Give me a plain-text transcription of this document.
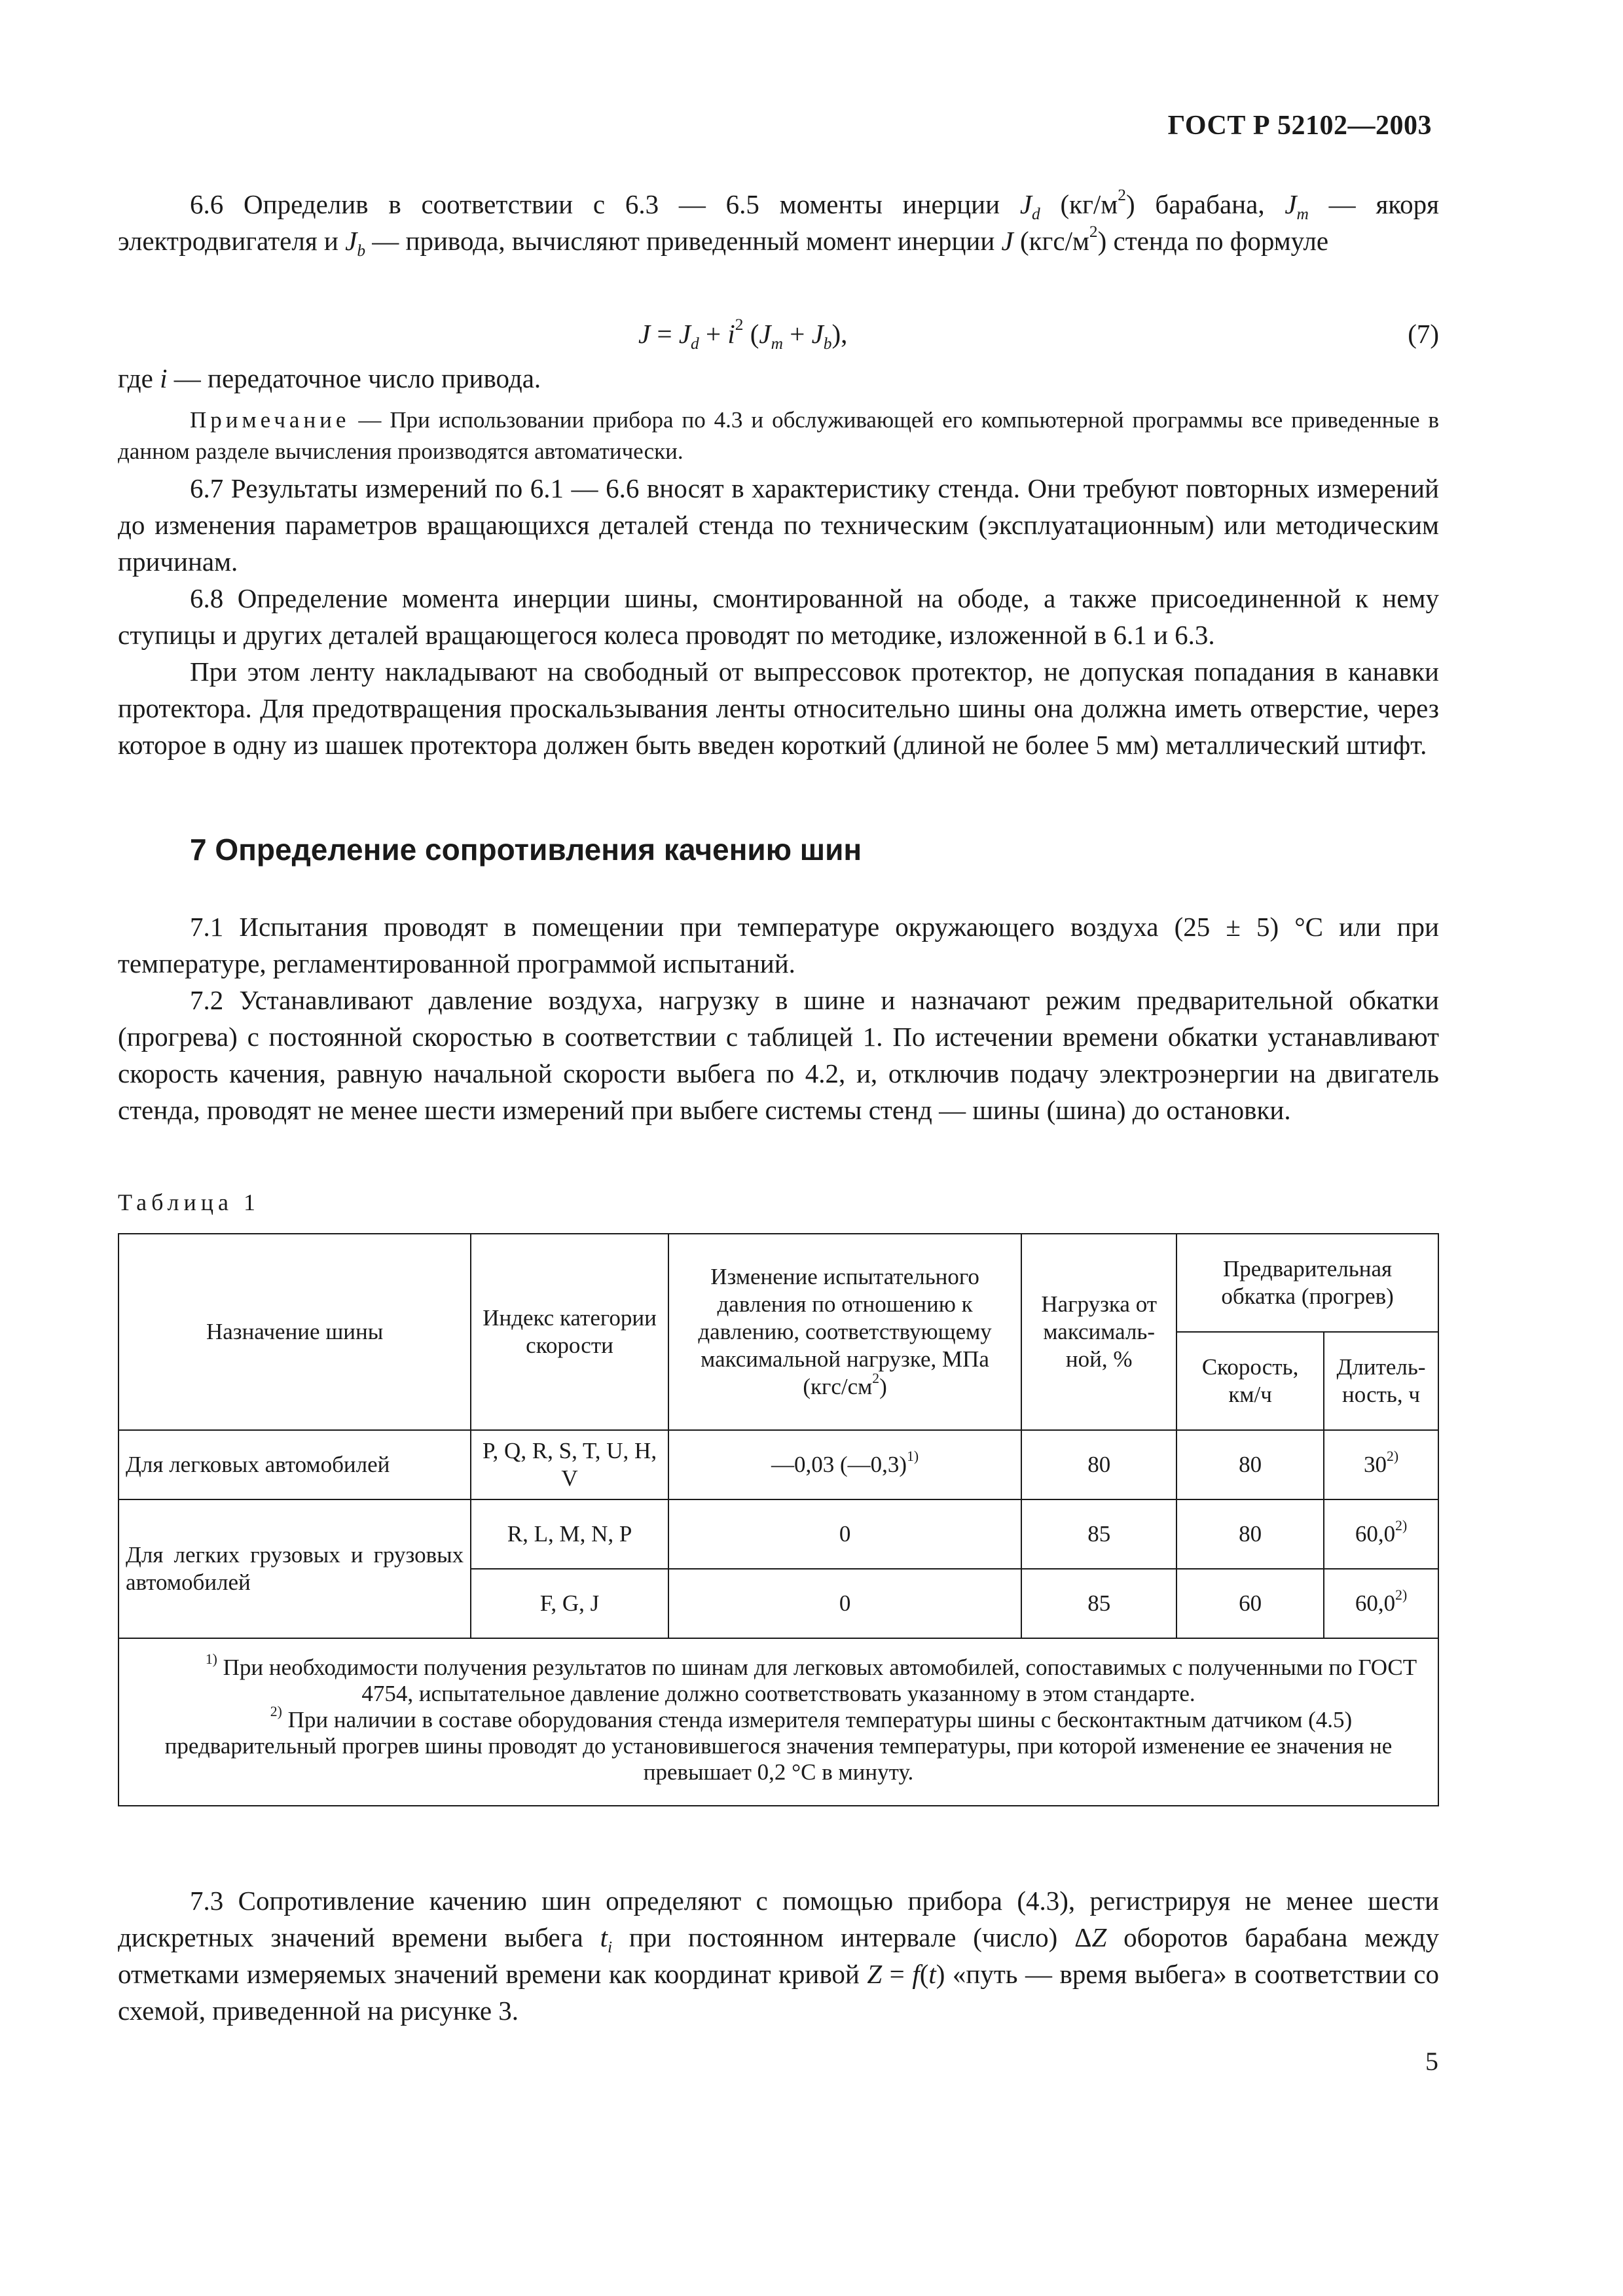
ГОСТ Р 52102—2003

6.6 Определив в соответствии с 6.3 — 6.5 моменты инерции $J_d$ $(кг/м^2)$ барабана, $J_m$ — якоря электродвигателя и $J_b$ — привода, вычисляют приведенный момент инерции J $(кгс/м^2)$ стенда по формуле

$J = J_d + i^2$ $(J_m + J_b)$,	(7)
где i — передаточное число привода.
Примечание — При использовании прибора по 4.3 и обслуживающей его компьютерной программы все приведенные в данном разделе вычисления производятся автоматически.
6.7 Результаты измерений по 6.1 — 6.6 вносят в характеристику стенда. Они требуют повторных измерений до изменения параметров вращающихся деталей стенда по техническим (эксплуатационным) или методическим причинам.
6.8 Определение момента инерции шины, смонтированной на ободе, а также присоединенной к нему ступицы и других деталей вращающегося колеса проводят по методике, изложенной в 6.1 и 6.3.
При этом ленту накладывают на свободный от выпрессовок протектор, не допуская попадания в канавки протектора. Для предотвращения проскальзывания ленты относительно шины она должна иметь отверстие, через которое в одну из шашек протектора должен быть введен короткий (длиной не более 5 мм) металлический штифт.
7 Определение сопротивления качению шин
7.1 Испытания проводят в помещении при температуре окружающего воздуха (25 ± 5) °С или при температуре, регламентированной программой испытаний.
7.2 Устанавливают давление воздуха, нагрузку в шине и назначают режим предварительной обкатки (прогрева) с постоянной скоростью в соответствии с таблицей 1. По истечении времени обкатки устанавливают скорость качения, равную начальной скорости выбега по 4.2, и, отключив подачу электроэнергии на двигатель стенда, проводят не менее шести измерений при выбеге системы стенд — шины (шина) до остановки.
Таблица 1
Назначение шины	Индекс категории скорости	Изменение испытательного давления по отношению к давлению, соответствующему максимальной нагрузке, МПа $(кгс/см^2)$	Нагрузка от максималь-ной, %	Предварительная обкатка (прогрев)	
				Скорость, км/ч	Длитель-ность, ч
Для легковых автомобилей	P, Q, R, S, T, U, H, V	—0,03 (—0,3)$^{1)}$	80	80	30$^{2)}$
Для легких грузовых и грузовых автомобилей	R, L, M, N, P	0	85	80	60,0$^{2)}$
	F, G, J	0	85	60	60,0$^{2)}$

$^{1)}$ При необходимости получения результатов по шинам для легковых автомобилей, сопоставимых с полученными по ГОСТ 4754, испытательное давление должно соответствовать указанному в этом стандарте.

$^{2)}$ При наличии в составе оборудования стенда измерителя температуры шины с бесконтактным датчиком (4.5) предварительный прогрев шины проводят до установившегося значения температуры, при которой изменение ее значения не превышает 0,2 °С в минуту.					

7.3 Сопротивление качению шин определяют с помощью прибора (4.3), регистрируя не менее шести дискретных значений времени выбега $t_i$ при постоянном интервале (число) ΔZ оборотов барабана между отметками измеряемых значений времени как координат кривой Z = f(t) «путь — время выбега» в соответствии со схемой, приведенной на рисунке 3.
5
